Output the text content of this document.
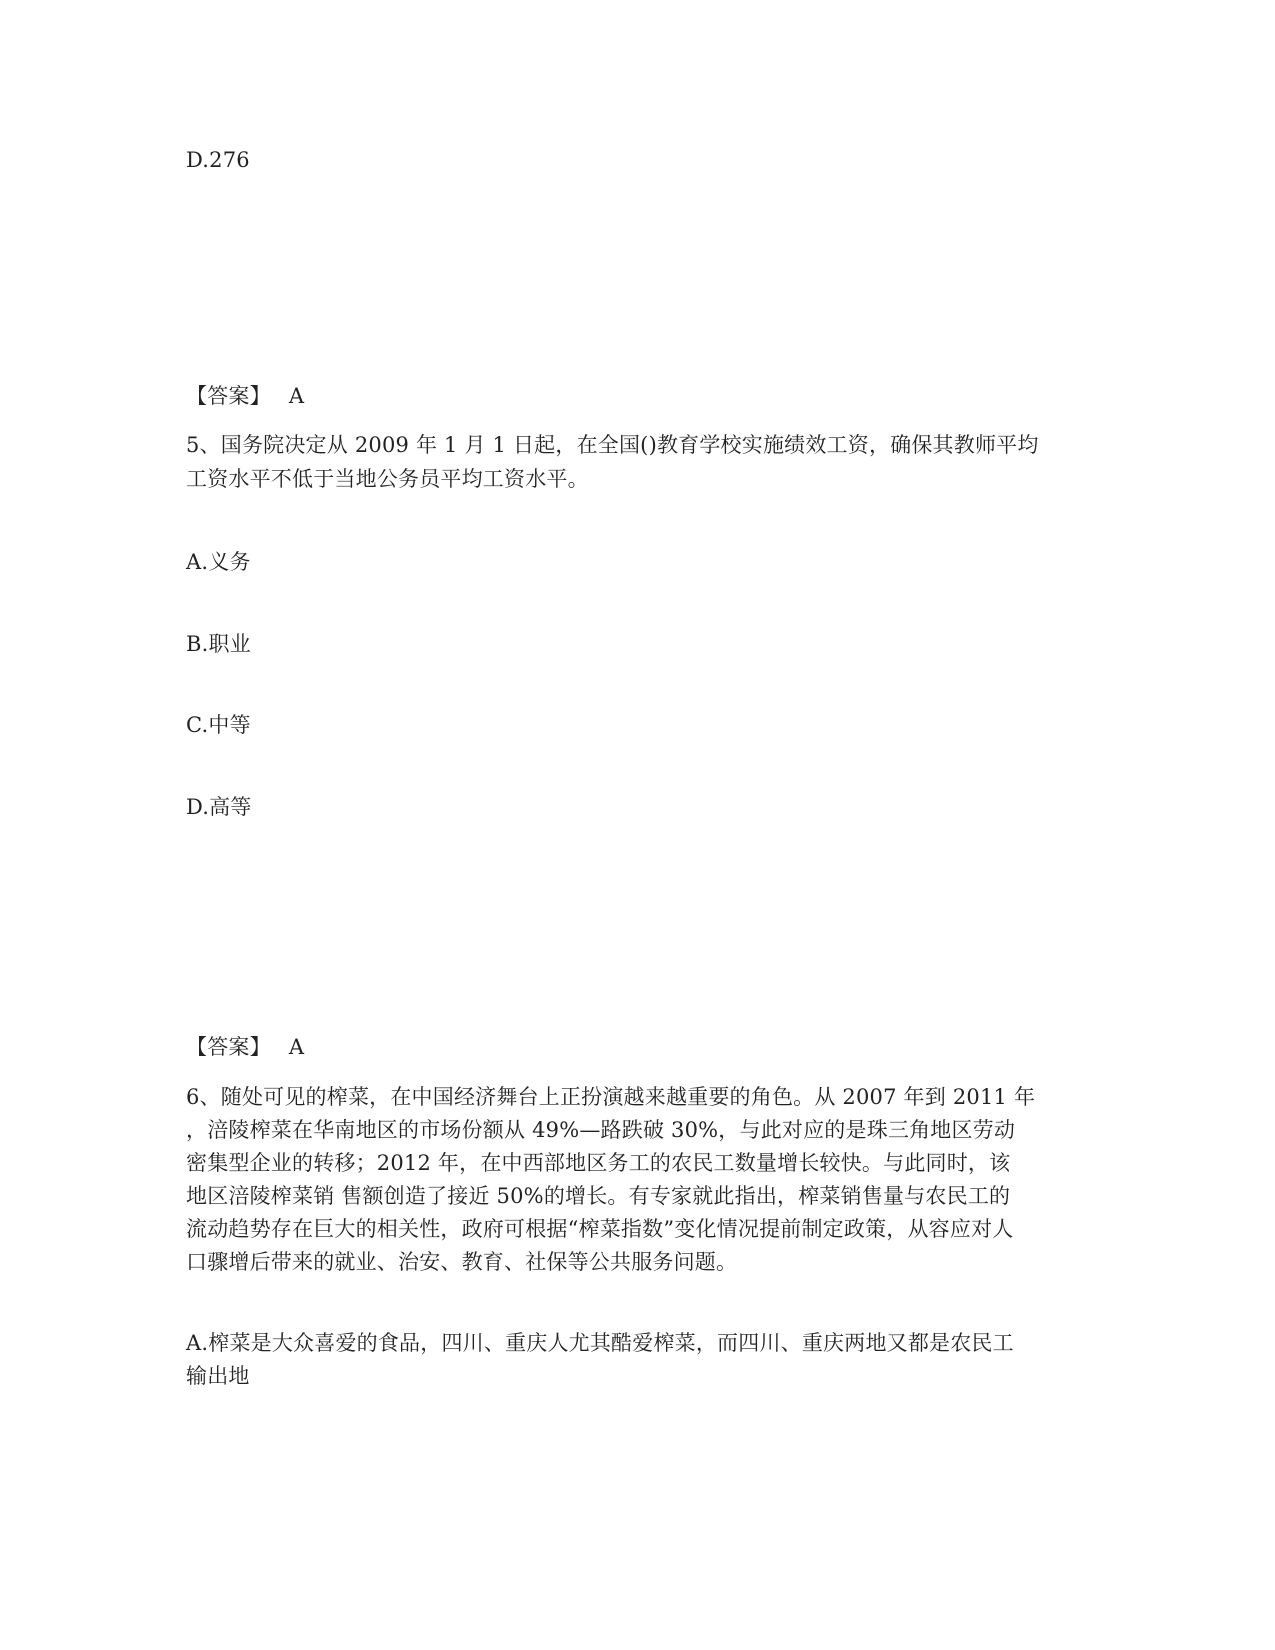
D.276
【答案】 A
5、国务院决定从 2009 年 1 月 1 日起，在全国()教育学校实施绩效工资，确保其教师平均
工资水平不低于当地公务员平均工资水平。
A.义务
B.职业
C.中等
D.高等
【答案】 A
6、随处可见的榨菜，在中国经济舞台上正扮演越来越重要的角色。从 2007 年到 2011 年
，涪陵榨菜在华南地区的市场份额从 49%—路跌破 30%，与此对应的是珠三角地区劳动
密集型企业的转移；2012 年，在中西部地区务工的农民工数量增长较快。与此同时，该
地区涪陵榨菜销 售额创造了接近 50%的增长。有专家就此指出，榨菜销售量与农民工的
流动趋势存在巨大的相关性，政府可根据“榨菜指数”变化情况提前制定政策，从容应对人
口骤增后带来的就业、治安、教育、社保等公共服务问题。
A.榨菜是大众喜爱的食品，四川、重庆人尤其酷爱榨菜，而四川、重庆两地又都是农民工
输出地
